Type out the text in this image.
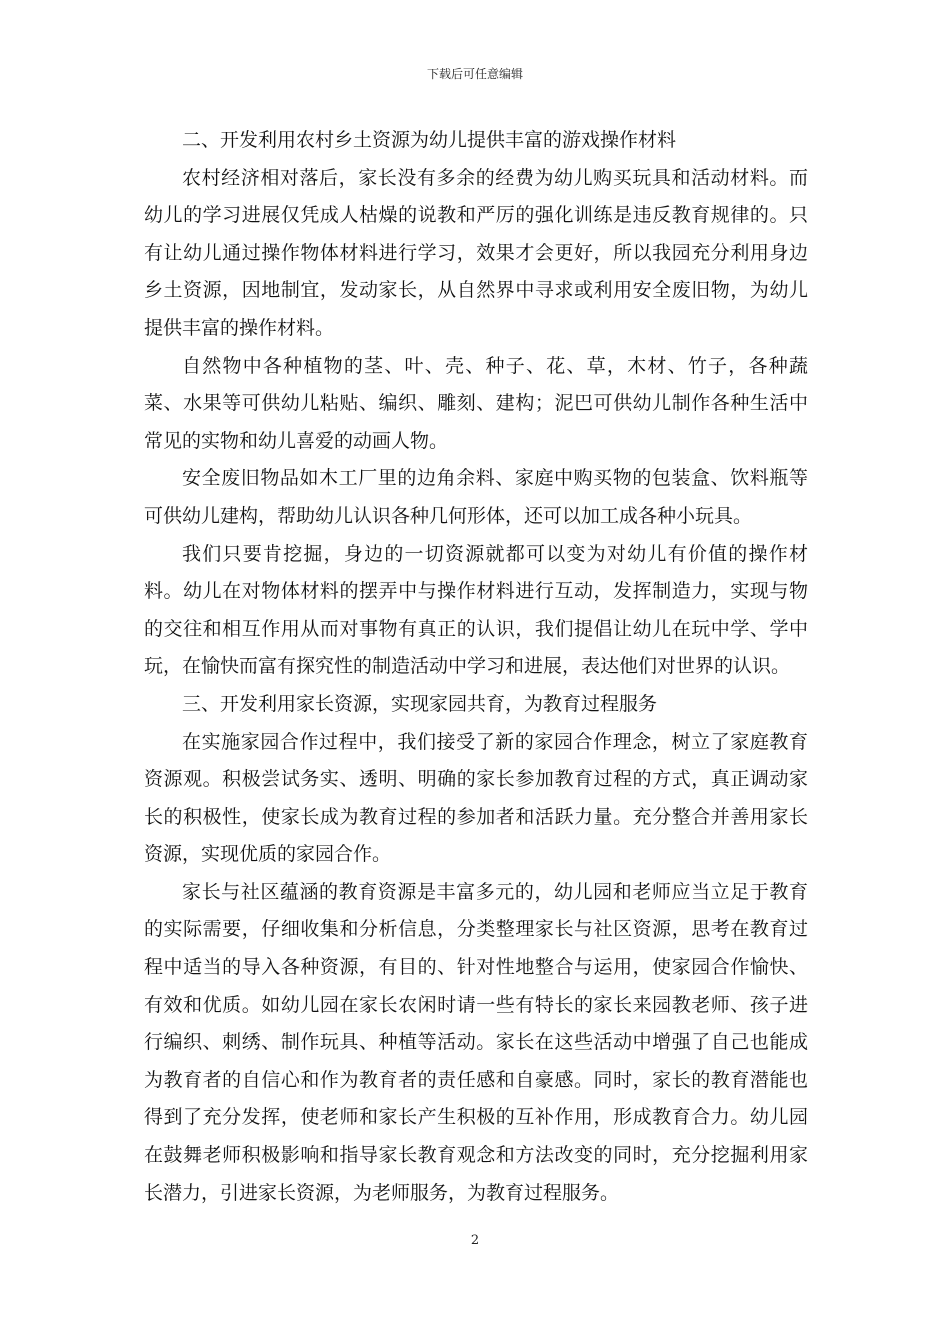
下载后可任意编辑

二、开发利用农村乡土资源为幼儿提供丰富的游戏操作材料

农村经济相对落后，家长没有多余的经费为幼儿购买玩具和活动材料。而幼儿的学习进展仅凭成人枯燥的说教和严厉的强化训练是违反教育规律的。只有让幼儿通过操作物体材料进行学习，效果才会更好，所以我园充分利用身边乡土资源，因地制宜，发动家长，从自然界中寻求或利用安全废旧物，为幼儿提供丰富的操作材料。

自然物中各种植物的茎、叶、壳、种子、花、草，木材、竹子，各种蔬菜、水果等可供幼儿粘贴、编织、雕刻、建构；泥巴可供幼儿制作各种生活中常见的实物和幼儿喜爱的动画人物。

安全废旧物品如木工厂里的边角余料、家庭中购买物的包装盒、饮料瓶等可供幼儿建构，帮助幼儿认识各种几何形体，还可以加工成各种小玩具。

我们只要肯挖掘，身边的一切资源就都可以变为对幼儿有价值的操作材料。幼儿在对物体材料的摆弄中与操作材料进行互动，发挥制造力，实现与物的交往和相互作用从而对事物有真正的认识，我们提倡让幼儿在玩中学、学中玩，在愉快而富有探究性的制造活动中学习和进展，表达他们对世界的认识。

三、开发利用家长资源，实现家园共育，为教育过程服务

在实施家园合作过程中，我们接受了新的家园合作理念，树立了家庭教育资源观。积极尝试务实、透明、明确的家长参加教育过程的方式，真正调动家长的积极性，使家长成为教育过程的参加者和活跃力量。充分整合并善用家长资源，实现优质的家园合作。

家长与社区蕴涵的教育资源是丰富多元的，幼儿园和老师应当立足于教育的实际需要，仔细收集和分析信息，分类整理家长与社区资源，思考在教育过程中适当的导入各种资源，有目的、针对性地整合与运用，使家园合作愉快、有效和优质。如幼儿园在家长农闲时请一些有特长的家长来园教老师、孩子进行编织、刺绣、制作玩具、种植等活动。家长在这些活动中增强了自己也能成为教育者的自信心和作为教育者的责任感和自豪感。同时，家长的教育潜能也得到了充分发挥，使老师和家长产生积极的互补作用，形成教育合力。幼儿园在鼓舞老师积极影响和指导家长教育观念和方法改变的同时，充分挖掘利用家长潜力，引进家长资源，为老师服务，为教育过程服务。

2
